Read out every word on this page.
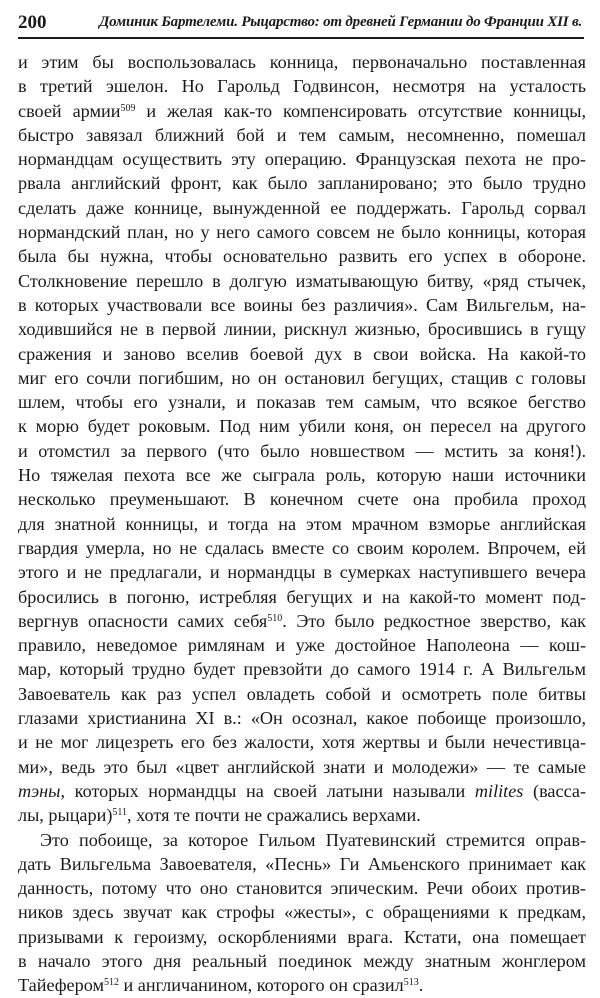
200	Доминик Бартелеми. Рыцарство: от древней Германии до Франции XII в.
и этим бы воспользовалась конница, первоначально поставленная
в третий эшелон. Но Гарольд Годвинсон, несмотря на усталость
своей армии$^{509}$ и желая как-то компенсировать отсутствие конницы,
быстро завязал ближний бой и тем самым, несомненно, помешал
нормандцам осуществить эту операцию. Французская пехота не про-
рвала английский фронт, как было запланировано; это было трудно
сделать даже коннице, вынужденной ее поддержать. Гарольд сорвал
нормандский план, но у него самого совсем не было конницы, которая
была бы нужна, чтобы основательно развить его успех в обороне.
Столкновение перешло в долгую изматывающую битву, «ряд стычек,
в которых участвовали все воины без различия». Сам Вильгельм, на-
ходившийся не в первой линии, рискнул жизнью, бросившись в гущу
сражения и заново вселив боевой дух в свои войска. На какой-то
миг его сочли погибшим, но он остановил бегущих, стащив с головы
шлем, чтобы его узнали, и показав тем самым, что всякое бегство
к морю будет роковым. Под ним убили коня, он пересел на другого
и отомстил за первого (что было новшеством — мстить за коня!).
Но тяжелая пехота все же сыграла роль, которую наши источники
несколько преуменьшают. В конечном счете она пробила проход
для знатной конницы, и тогда на этом мрачном взморье английская
гвардия умерла, но не сдалась вместе со своим королем. Впрочем, ей
этого и не предлагали, и нормандцы в сумерках наступившего вечера
бросились в погоню, истребляя бегущих и на какой-то момент под-
вергнув опасности самих себя$^{510}$. Это было редкостное зверство, как
правило, неведомое римлянам и уже достойное Наполеона — кош-
мар, который трудно будет превзойти до самого 1914 г. А Вильгельм
Завоеватель как раз успел овладеть собой и осмотреть поле битвы
глазами христианина XI в.: «Он осознал, какое побоище произошло,
и не мог лицезреть его без жалости, хотя жертвы и были нечестивца-
ми», ведь это был «цвет английской знати и молодежи» — те самые
тэны, которых нормандцы на своей латыни называли milites (васса-
лы, рыцари)$^{511}$, хотя те почти не сражались верхами.
Это побоище, за которое Гильом Пуатевинский стремится оправ-
дать Вильгельма Завоевателя, «Песнь» Ги Амьенского принимает как
данность, потому что оно становится эпическим. Речи обоих против-
ников здесь звучат как строфы «жесты», с обращениями к предкам,
призывами к героизму, оскорблениями врага. Кстати, она помещает
в начало этого дня реальный поединок между знатным жонглером
Тайефером$^{512}$ и англичанином, которого он сразил$^{513}$.
